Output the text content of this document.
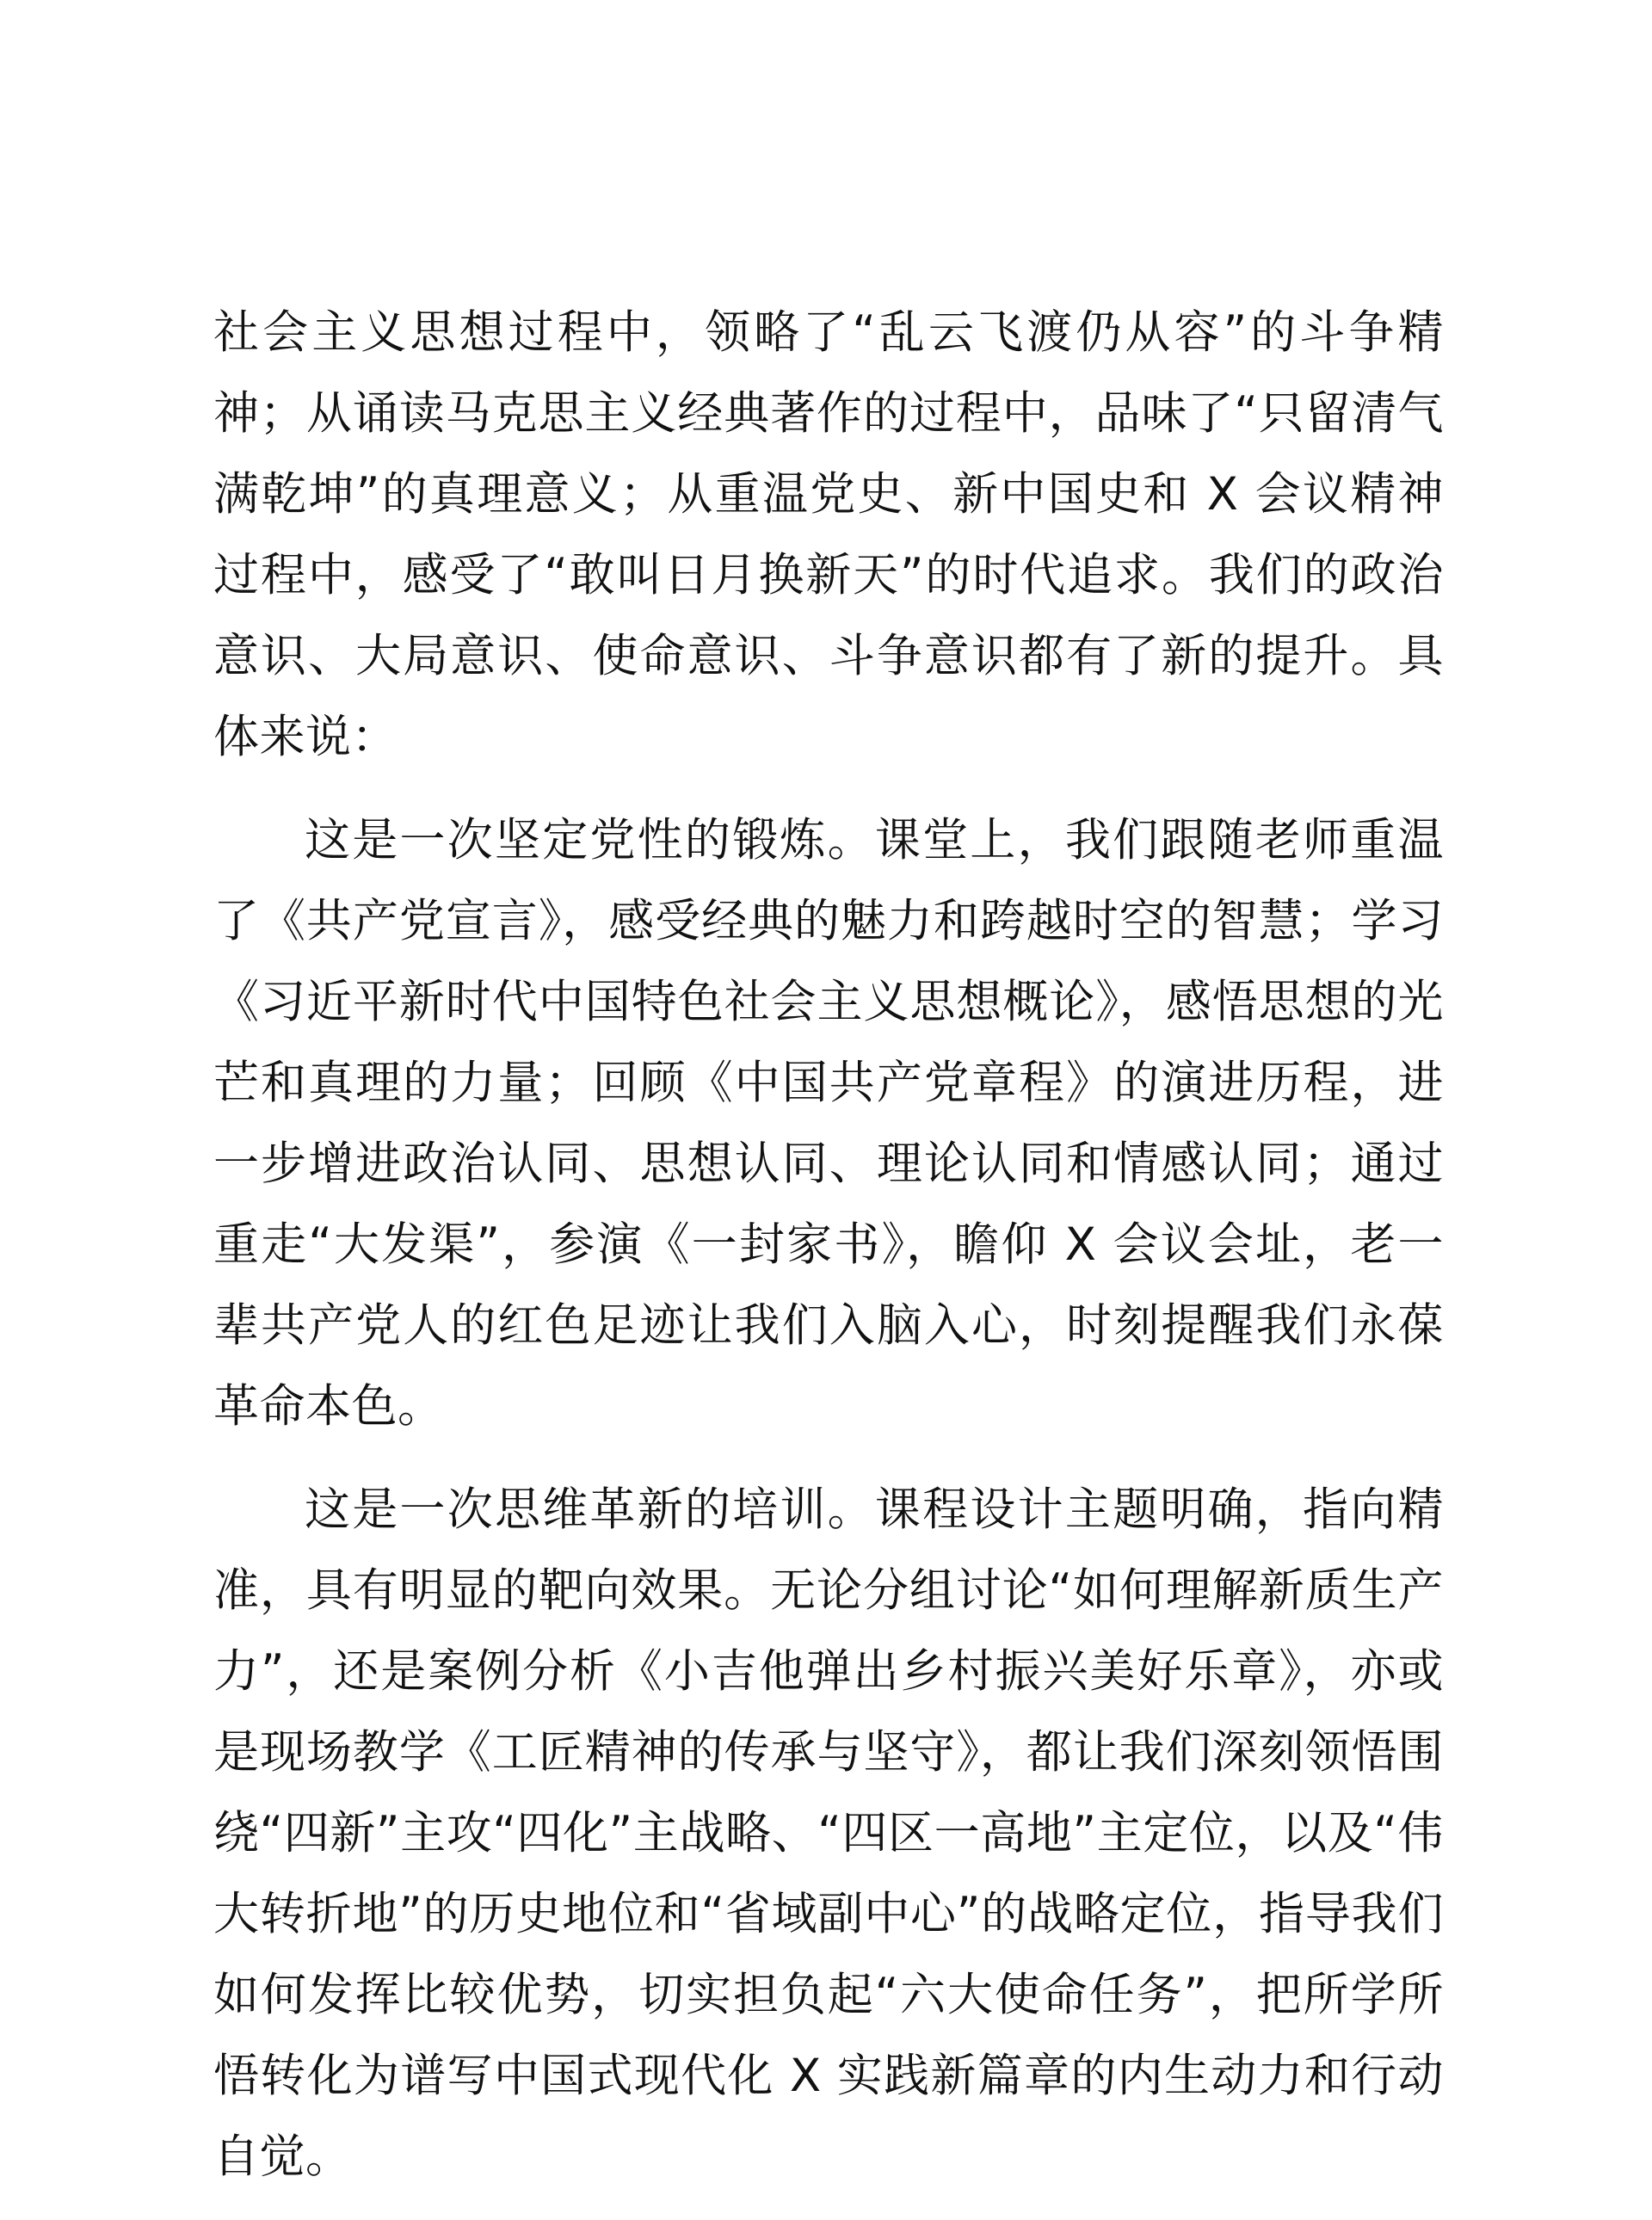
社会主义思想过程中，领略了“乱云飞渡仍从容”的斗争精神；从诵读马克思主义经典著作的过程中，品味了“只留清气满乾坤”的真理意义；从重温党史、新中国史和 X 会议精神过程中，感受了“敢叫日月换新天”的时代追求。我们的政治意识、大局意识、使命意识、斗争意识都有了新的提升。具体来说：

这是一次坚定党性的锻炼。课堂上，我们跟随老师重温了《共产党宣言》，感受经典的魅力和跨越时空的智慧；学习《习近平新时代中国特色社会主义思想概论》，感悟思想的光芒和真理的力量；回顾《中国共产党章程》的演进历程，进一步增进政治认同、思想认同、理论认同和情感认同；通过重走“大发渠”，参演《一封家书》，瞻仰 X 会议会址，老一辈共产党人的红色足迹让我们入脑入心，时刻提醒我们永葆革命本色。

这是一次思维革新的培训。课程设计主题明确，指向精准，具有明显的靶向效果。无论分组讨论“如何理解新质生产力”，还是案例分析《小吉他弹出乡村振兴美好乐章》，亦或是现场教学《工匠精神的传承与坚守》，都让我们深刻领悟围绕“四新”主攻“四化”主战略、“四区一高地”主定位，以及“伟大转折地”的历史地位和“省域副中心”的战略定位，指导我们如何发挥比较优势，切实担负起“六大使命任务”，把所学所悟转化为谱写中国式现代化 X 实践新篇章的内生动力和行动自觉。
